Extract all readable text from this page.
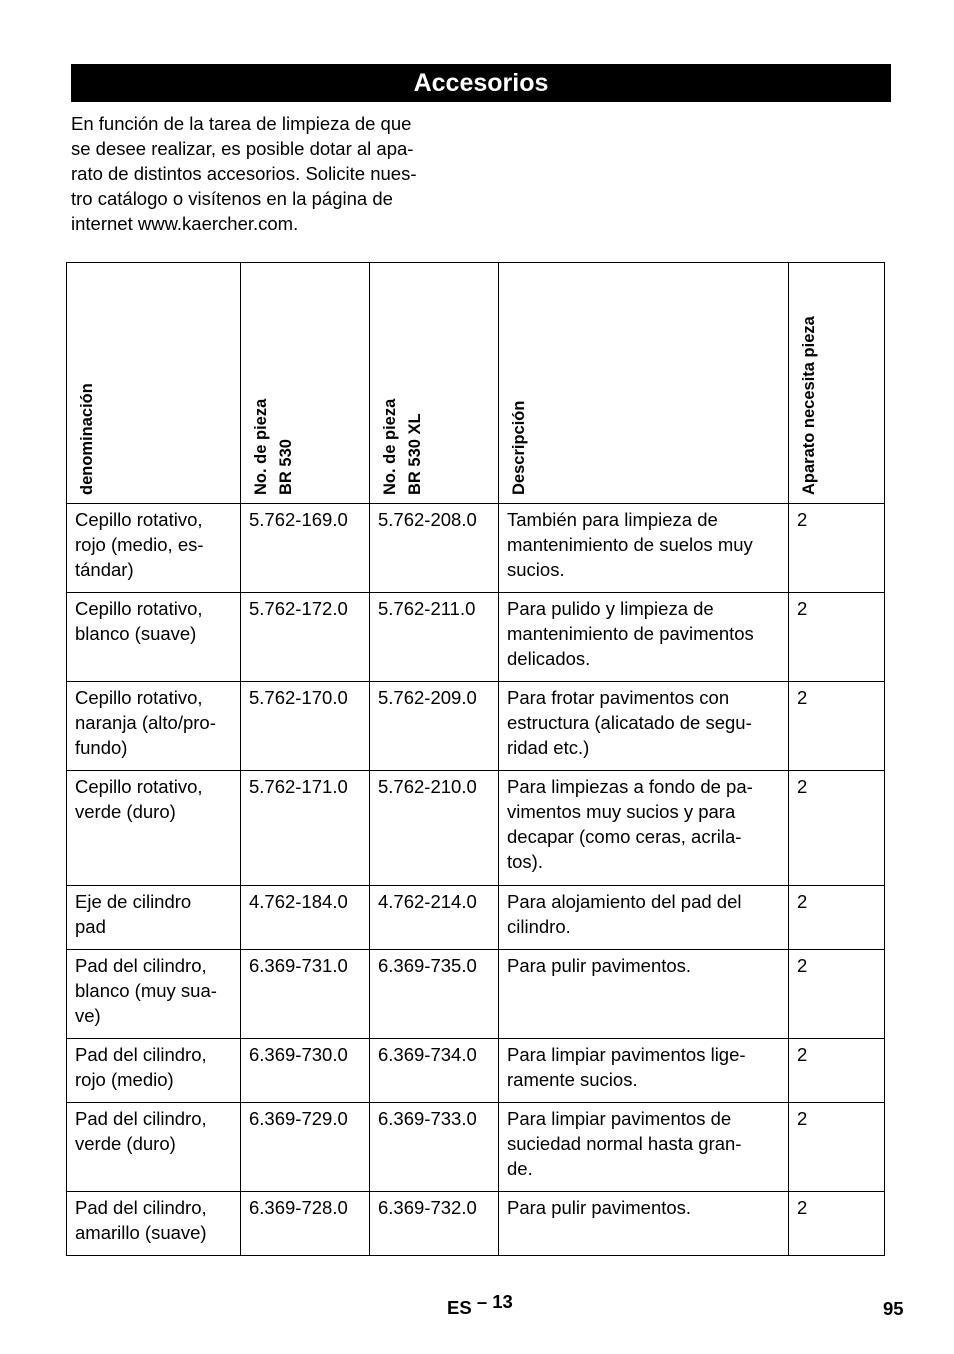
Accesorios
En función de la tarea de limpieza de que
se desee realizar, es posible dotar al apa-
rato de distintos accesorios. Solicite nues-
tro catálogo o visítenos en la página de
internet www.kaercher.com.
denominación	No. de pieza BR 530	No. de pieza BR 530 XL	Descripción	Aparato necesita pieza

Cepillo rotativo,
rojo (medio, es-
tándar)	5.762-169.0	5.762-208.0	También para limpieza de
mantenimiento de suelos muy
sucios.	2

Cepillo rotativo,
blanco (suave)	5.762-172.0	5.762-211.0	Para pulido y limpieza de
mantenimiento de pavimentos
delicados.	2

Cepillo rotativo,
naranja (alto/pro-
fundo)	5.762-170.0	5.762-209.0	Para frotar pavimentos con
estructura (alicatado de segu-
ridad etc.)	2

Cepillo rotativo,
verde (duro)	5.762-171.0	5.762-210.0	Para limpiezas a fondo de pa-
vimentos muy sucios y para
decapar (como ceras, acrila-
tos).	2

Eje de cilindro
pad	4.762-184.0	4.762-214.0	Para alojamiento del pad del
cilindro.	2

Pad del cilindro,
blanco (muy sua-
ve)	6.369-731.0	6.369-735.0	Para pulir pavimentos.	2

Pad del cilindro,
rojo (medio)	6.369-730.0	6.369-734.0	Para limpiar pavimentos lige-
ramente sucios.	2

Pad del cilindro,
verde (duro)	6.369-729.0	6.369-733.0	Para limpiar pavimentos de
suciedad normal hasta gran-
de.	2

Pad del cilindro,
amarillo (suave)	6.369-728.0	6.369-732.0	Para pulir pavimentos.	2
ES – 13	95
